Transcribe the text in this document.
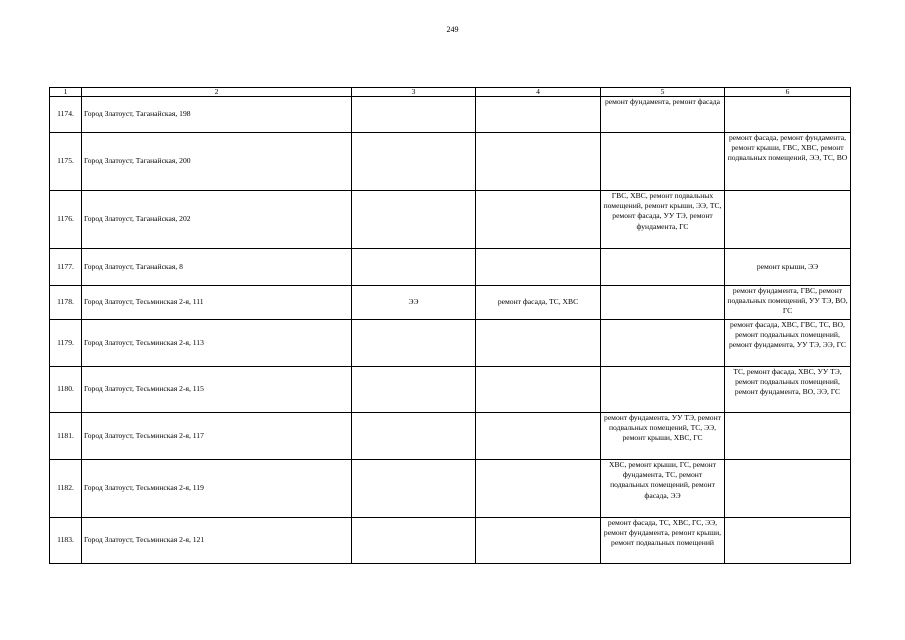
249
1	2	3	4	5	6
1174.	Город Златоуст, Таганайская, 198			ремонт фундамента, ремонт фасада	
1175.	Город Златоуст, Таганайская, 200				ремонт фасада, ремонт фундамента, ремонт крыши, ГВС, ХВС, ремонт подвальных помещений, ЭЭ, ТС, ВО
1176.	Город Златоуст, Таганайская, 202			ГВС, ХВС, ремонт подвальных помещений, ремонт крыши, ЭЭ, ТС, ремонт фасада, УУ ТЭ, ремонт фундамента, ГС	
1177.	Город Златоуст, Таганайская, 8				ремонт крыши, ЭЭ
1178.	Город Златоуст, Тесьминская 2-я, 111	ЭЭ	ремонт фасада, ТС, ХВС		ремонт фундамента, ГВС, ремонт подвальных помещений, УУ ТЭ, ВО, ГС
1179.	Город Златоуст, Тесьминская 2-я, 113				ремонт фасада, ХВС, ГВС, ТС, ВО, ремонт подвальных помещений, ремонт фундамента, УУ ТЭ, ЭЭ, ГС
1180.	Город Златоуст, Тесьминская 2-я, 115				ТС, ремонт фасада, ХВС, УУ ТЭ, ремонт подвальных помещений, ремонт фундамента, ВО, ЭЭ, ГС
1181.	Город Златоуст, Тесьминская 2-я, 117			ремонт фундамента, УУ ТЭ, ремонт подвальных помещений, ТС, ЭЭ, ремонт крыши, ХВС, ГС	
1182.	Город Златоуст, Тесьминская 2-я, 119			ХВС, ремонт крыши, ГС, ремонт фундамента, ТС, ремонт подвальных помещений, ремонт фасада, ЭЭ	
1183.	Город Златоуст, Тесьминская 2-я, 121			ремонт фасада, ТС, ХВС, ГС, ЭЭ, ремонт фундамента, ремонт крыши, ремонт подвальных помещений	
